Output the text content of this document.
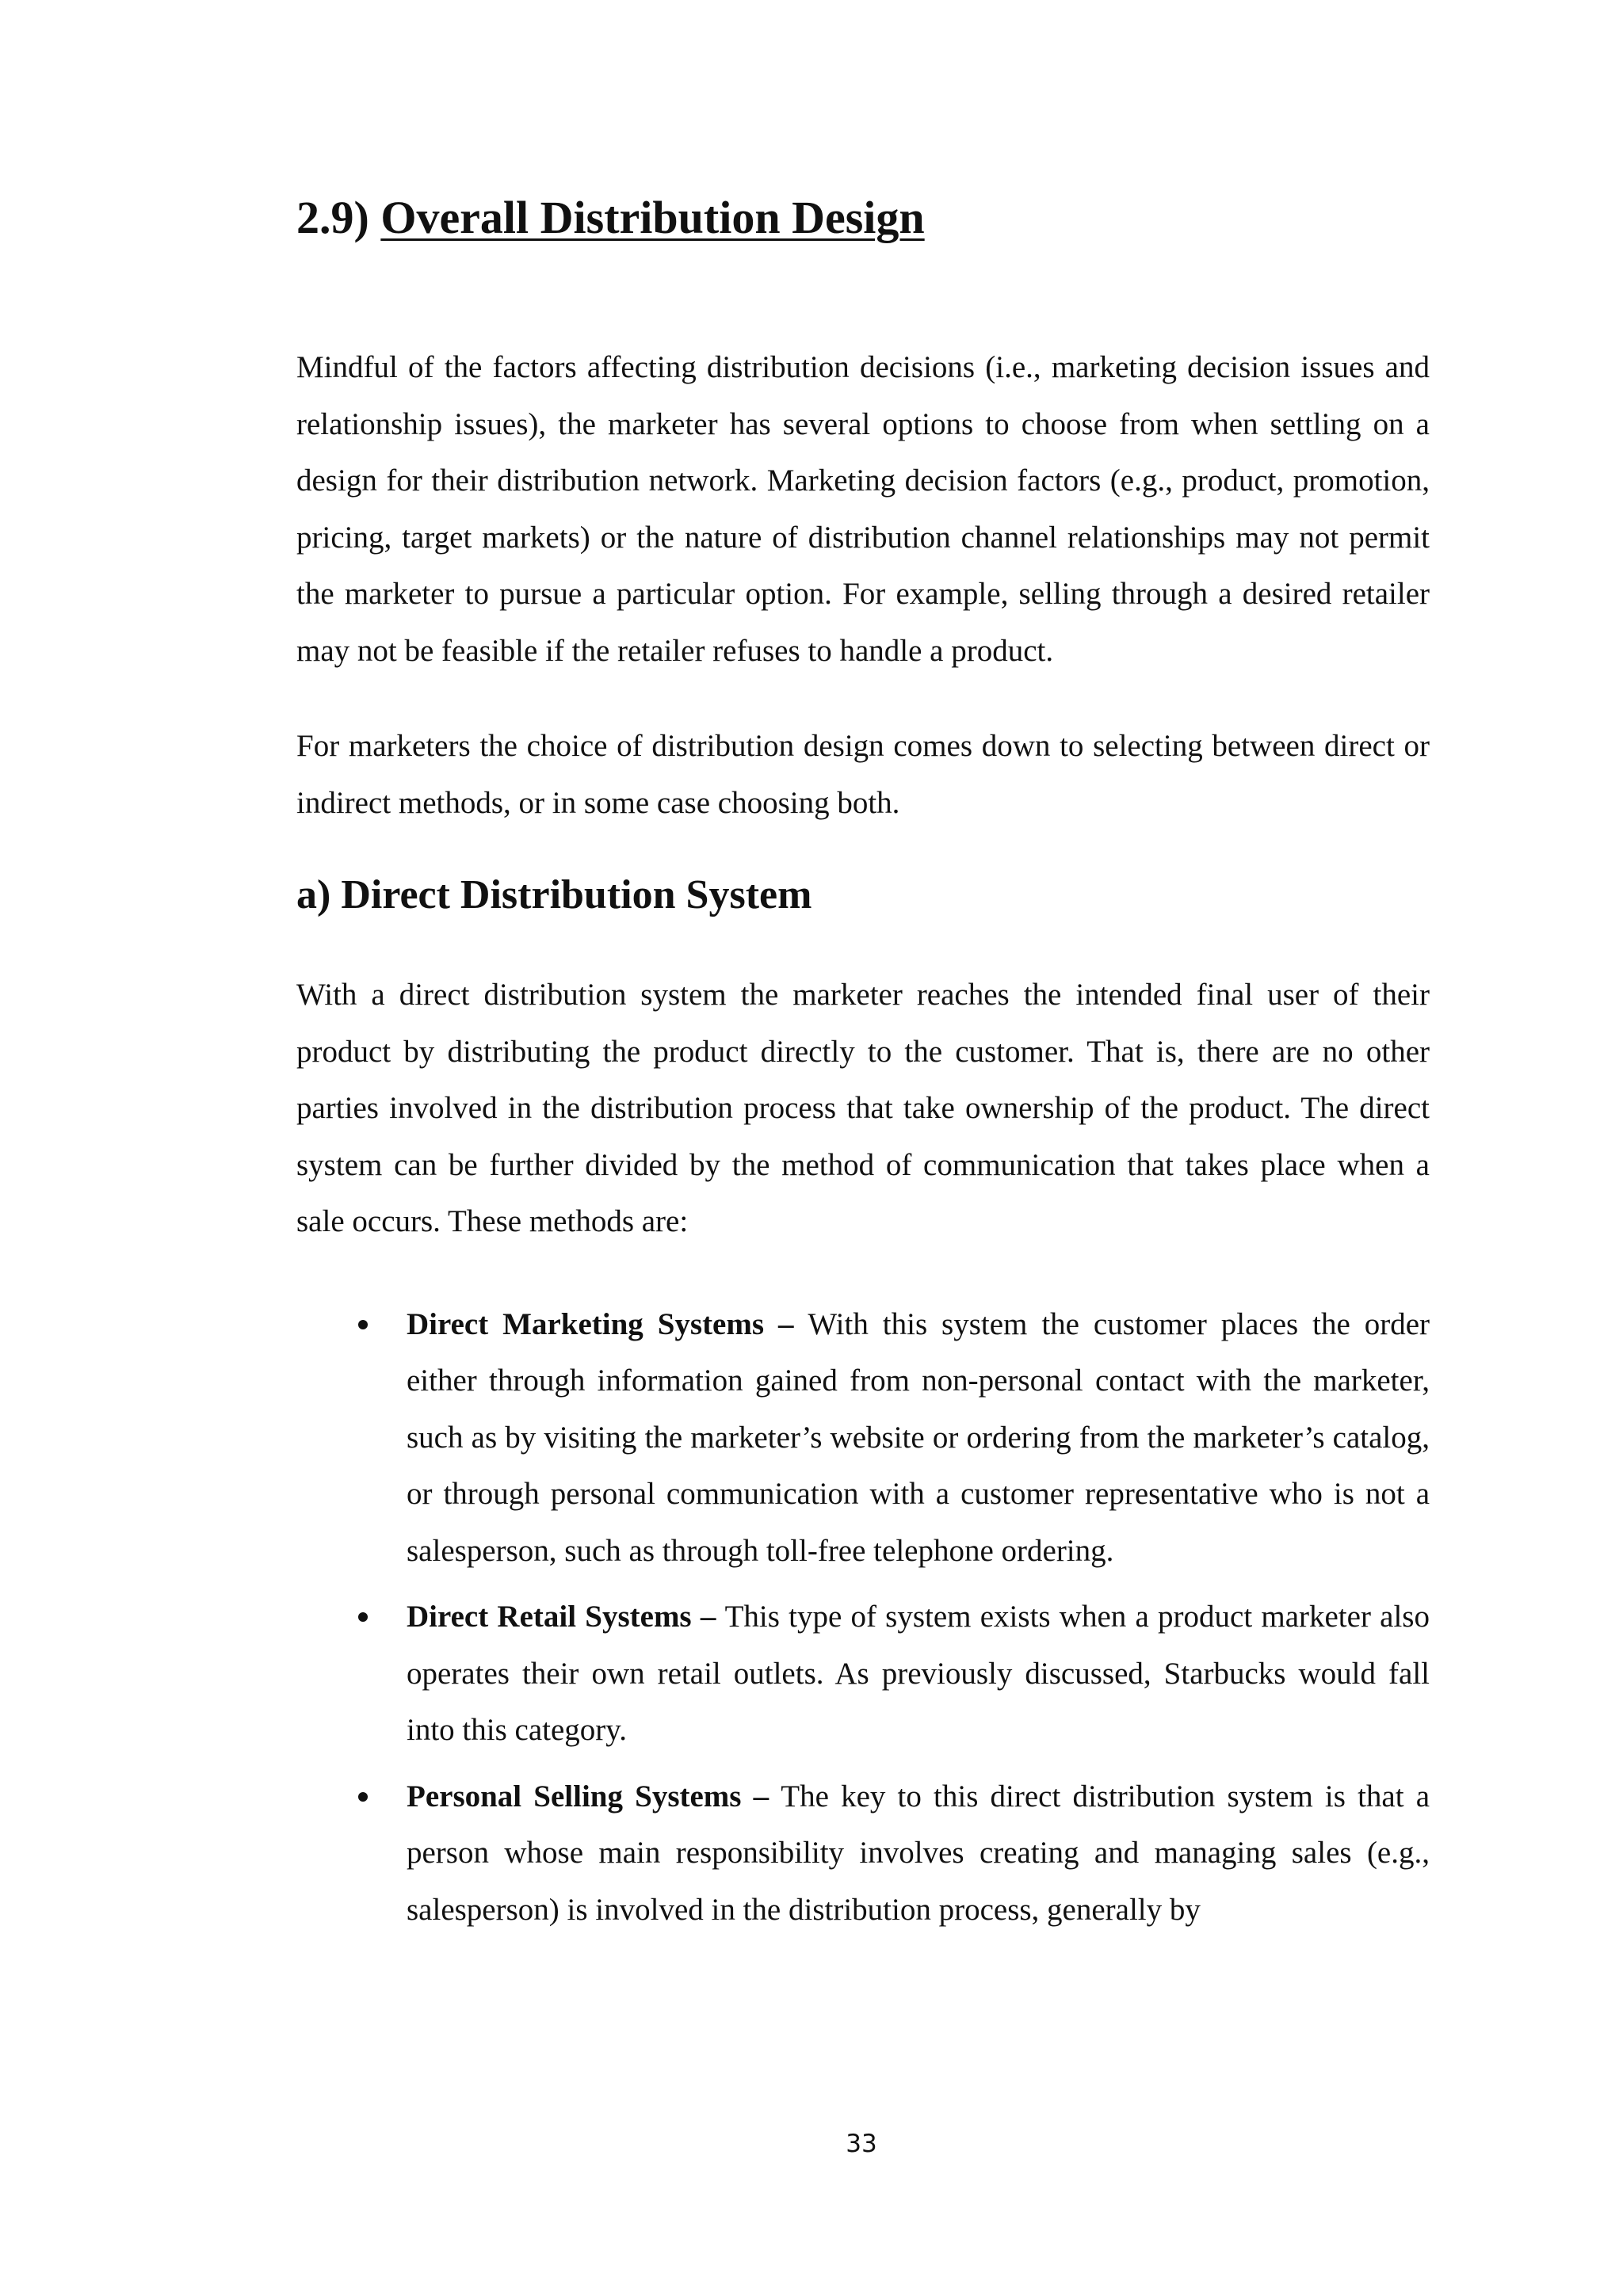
2.9) Overall Distribution Design

Mindful of the factors affecting distribution decisions (i.e., marketing decision issues and relationship issues), the marketer has several options to choose from when settling on a design for their distribution network. Marketing decision factors (e.g., product, promotion, pricing, target markets) or the nature of distribution channel relationships may not permit the marketer to pursue a particular option. For example, selling through a desired retailer may not be feasible if the retailer refuses to handle a product.

For marketers the choice of distribution design comes down to selecting between direct or indirect methods, or in some case choosing both.

a) Direct Distribution System

With a direct distribution system the marketer reaches the intended final user of their product by distributing the product directly to the customer. That is, there are no other parties involved in the distribution process that take ownership of the product. The direct system can be further divided by the method of communication that takes place when a sale occurs. These methods are:

Direct Marketing Systems – With this system the customer places the order either through information gained from non-personal contact with the marketer, such as by visiting the marketer’s website or ordering from the marketer’s catalog, or through personal communication with a customer representative who is not a salesperson, such as through toll-free telephone ordering.
Direct Retail Systems – This type of system exists when a product marketer also operates their own retail outlets. As previously discussed, Starbucks would fall into this category.
Personal Selling Systems – The key to this direct distribution system is that a person whose main responsibility involves creating and managing sales (e.g., salesperson) is involved in the distribution process, generally by
33
